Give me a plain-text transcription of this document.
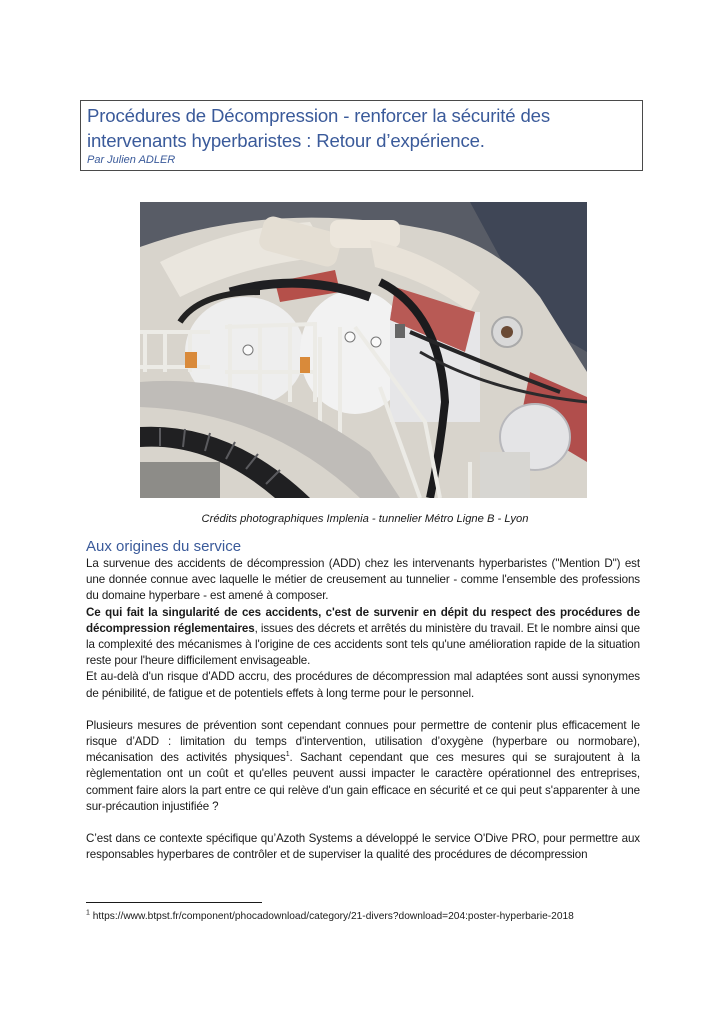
Procédures de Décompression - renforcer la sécurité des intervenants hyperbaristes : Retour d’expérience.

Par Julien ADLER

Crédits photographiques Implenia - tunnelier Métro Ligne B - Lyon
Aux origines du service

La survenue des accidents de décompression (ADD) chez les intervenants hyperbaristes ("Mention D") est une donnée connue avec laquelle le métier de creusement au tunnelier - comme l'ensemble des professions du domaine hyperbare - est amené à composer.

Ce qui fait la singularité de ces accidents, c'est de survenir en dépit du respect des procédures de décompression réglementaires, issues des décrets et arrêtés du ministère du travail. Et le nombre ainsi que la complexité des mécanismes à l'origine de ces accidents sont tels qu'une amélioration rapide de la situation reste pour l'heure difficilement envisageable.

Et au-delà d'un risque d'ADD accru, des procédures de décompression mal adaptées sont aussi synonymes de pénibilité, de fatigue et de potentiels effets à long terme pour le personnel.

Plusieurs mesures de prévention sont cependant connues pour permettre de contenir plus efficacement le risque d’ADD : limitation du temps d'intervention, utilisation d’oxygène (hyperbare ou normobare), mécanisation des activités physiques$^1$. Sachant cependant que ces mesures qui se surajoutent à la règlementation ont un coût et qu'elles peuvent aussi impacter le caractère opérationnel des entreprises, comment faire alors la part entre ce qui relève d'un gain efficace en sécurité et ce qui peut s'apparenter à une sur-précaution injustifiée ?

C’est dans ce contexte spécifique qu’Azoth Systems a développé le service O'Dive PRO, pour permettre aux responsables hyperbares de contrôler et de superviser la qualité des procédures de décompression

$^1$ https://www.btpst.fr/component/phocadownload/category/21-divers?download=204:poster-hyperbarie-2018
